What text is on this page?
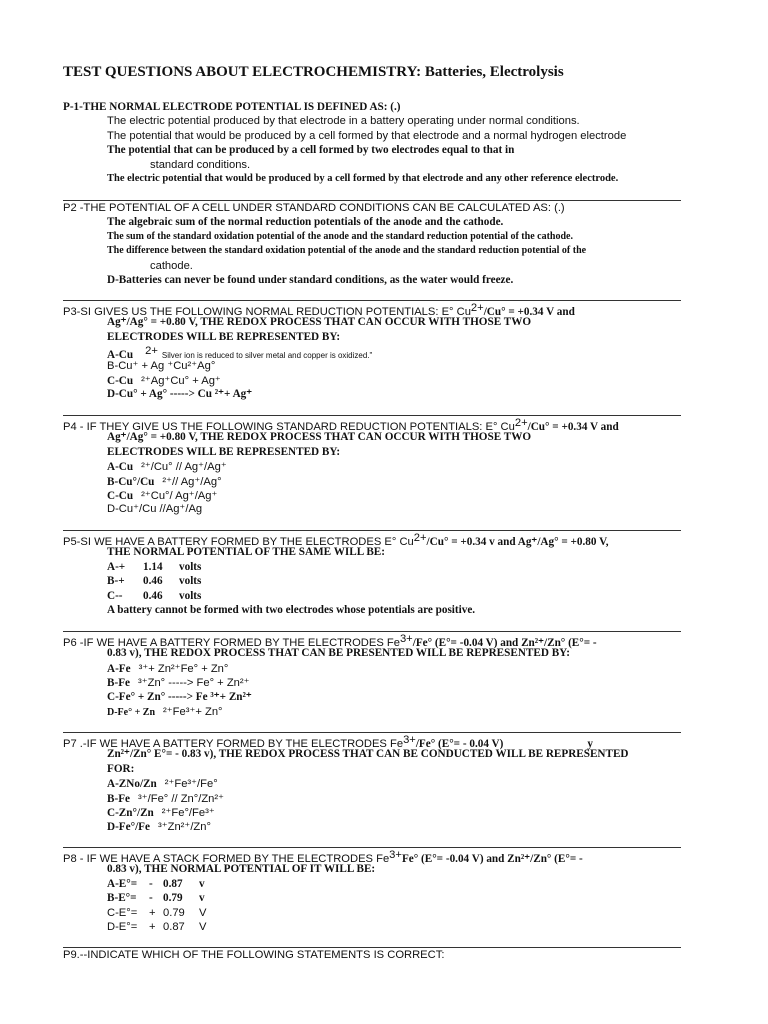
TEST QUESTIONS ABOUT ELECTROCHEMISTRY: Batteries, Electrolysis
P-1-THE NORMAL ELECTRODE POTENTIAL IS DEFINED AS: (.)
The electric potential produced by that electrode in a battery operating under normal conditions.
The potential that would be produced by a cell formed by that electrode and a normal hydrogen electrode
The potential that can be produced by a cell formed by two electrodes equal to that in
standard conditions.
The electric potential that would be produced by a cell formed by that electrode and any other reference electrode.
P2 -THE POTENTIAL OF A CELL UNDER STANDARD CONDITIONS CAN BE CALCULATED AS: (.)
The algebraic sum of the normal reduction potentials of the anode and the cathode.
The sum of the standard oxidation potential of the anode and the standard reduction potential of the cathode.
The difference between the standard oxidation potential of the anode and the standard reduction potential of the
cathode.
D-Batteries can never be found under standard conditions, as the water would freeze.
P3-SI GIVES US THE FOLLOWING NORMAL REDUCTION POTENTIALS: E° $Cu^{2+}/Cu^\circ = +0.34$ V and
Ag⁺/Ag° = +0.80 V, THE REDOX PROCESS THAT CAN OCCUR WITH THOSE TWO
ELECTRODES WILL BE REPRESENTED BY:
A-Cu $^{2+}$ Silver ion is reduced to silver metal and copper is oxidized."
B-Cu⁺ + Ag ⁺Cu²⁺Ag°
C-Cu ²⁺Ag⁺Cu° + Ag⁺
D-Cu° + Ag° -----> Cu ²⁺+ Ag⁺
P4 - IF THEY GIVE US THE FOLLOWING STANDARD REDUCTION POTENTIALS: E° $Cu^{2+}/Cu^\circ = +0.34$ V and
Ag⁺/Ag° = +0.80 V, THE REDOX PROCESS THAT CAN OCCUR WITH THOSE TWO
ELECTRODES WILL BE REPRESENTED BY:
A-Cu ²⁺/Cu° // Ag⁺/Ag⁺
B-Cu°/Cu ²⁺// Ag⁺/Ag°
C-Cu ²⁺Cu°/ Ag⁺/Ag⁺
D-Cu⁺/Cu //Ag⁺/Ag
P5-SI WE HAVE A BATTERY FORMED BY THE ELECTRODES E° $Cu^{2+}/Cu^\circ = +0.34$ v and Ag⁺/Ag° = +0.80 V,
THE NORMAL POTENTIAL OF THE SAME WILL BE:
A-+ 1.14 volts
B-+ 0.46 volts
C-- 0.46 volts
A battery cannot be formed with two electrodes whose potentials are positive.
P6 -IF WE HAVE A BATTERY FORMED BY THE ELECTRODES $Fe^{3+}/Fe^\circ$ (E°= -0.04 V) and Zn²⁺/Zn° (E°= -
0.83 v), THE REDOX PROCESS THAT CAN BE PRESENTED WILL BE REPRESENTED BY:
A-Fe ³⁺+ Zn²⁺Fe° + Zn°
B-Fe ³⁺Zn° -----> Fe° + Zn²⁺
C-Fe° + Zn° -----> Fe ³⁺+ Zn²⁺
D-Fe° + Zn ²⁺Fe³⁺+ Zn°
P7 .-IF WE HAVE A BATTERY FORMED BY THE ELECTRODES $Fe^{3+}/Fe^\circ$ (E°= - 0.04 V)	y
Zn²⁺/Zn° E°= - 0.83 v), THE REDOX PROCESS THAT CAN BE CONDUCTED WILL BE REPRESENTED
FOR:
A-ZNo/Zn ²⁺Fe³⁺/Fe°
B-Fe ³⁺/Fe° // Zn°/Zn²⁺
C-Zn°/Zn ²⁺Fe°/Fe³⁺
D-Fe°/Fe ³⁺Zn²⁺/Zn°
P8 - IF WE HAVE A STACK FORMED BY THE ELECTRODES $Fe^{3+}Fe^\circ$ (E°= -0.04 V) and Zn²⁺/Zn° (E°= -
0.83 v), THE NORMAL POTENTIAL OF IT WILL BE:
A-E°= - 0.87 v
B-E°= - 0.79 v
C-E°= + 0.79 V
D-E°= + 0.87 V
P9.--INDICATE WHICH OF THE FOLLOWING STATEMENTS IS CORRECT:
